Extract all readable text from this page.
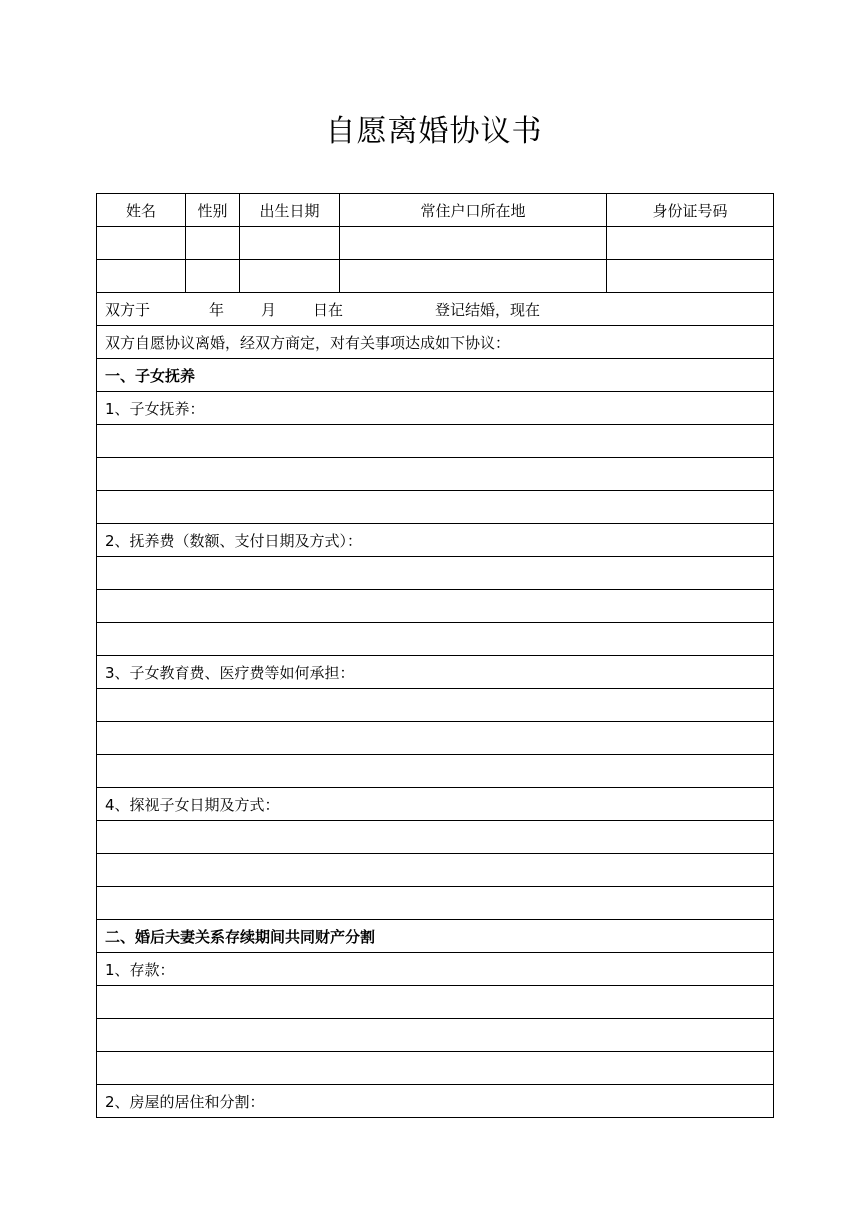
自愿离婚协议书
姓名	性别	出生日期	常住户口所在地	身份证号码

双方于 年 月 日在 登记结婚，现在				
双方自愿协议离婚，经双方商定，对有关事项达成如下协议：				
一、子女抚养				
1、子女抚养：				

2、抚养费（数额、支付日期及方式）：				

3、子女教育费、医疗费等如何承担：				

4、探视子女日期及方式：				

二、婚后夫妻关系存续期间共同财产分割				
1、存款：				

2、房屋的居住和分割：				
